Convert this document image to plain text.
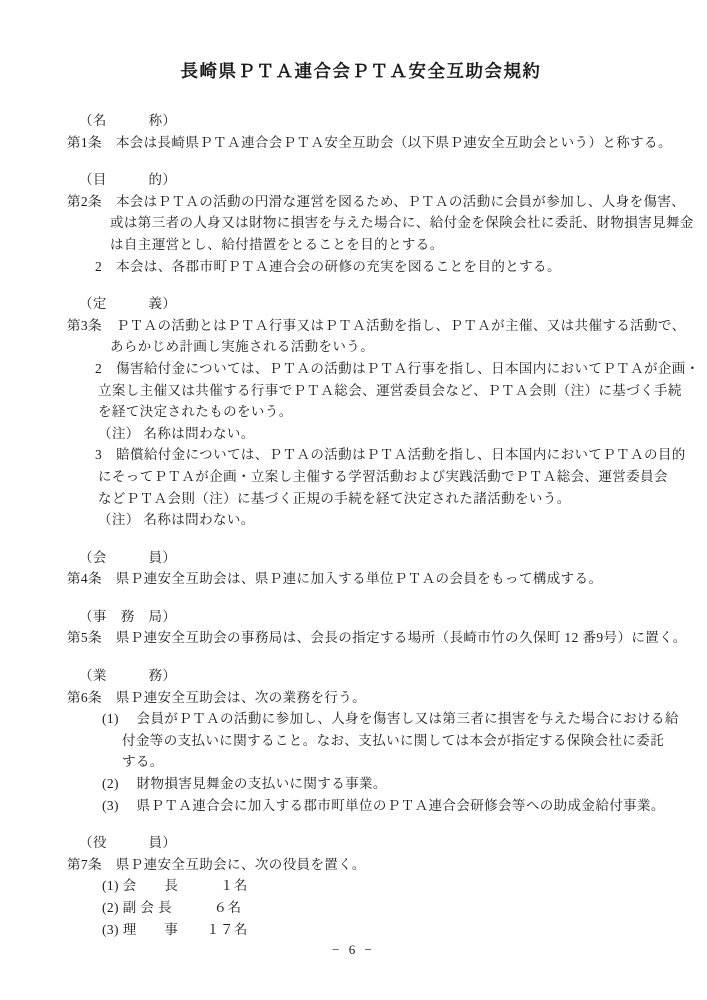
長崎県ＰＴＡ連合会ＰＴＡ安全互助会規約
（名　　　称）
第1条　本会は長崎県ＰＴＡ連合会ＰＴＡ安全互助会（以下県Ｐ連安全互助会という）と称する。
（目　　　的）
第2条　本会はＰＴＡの活動の円滑な運営を図るため、ＰＴＡの活動に会員が参加し、人身を傷害、
或は第三者の人身又は財物に損害を与えた場合に、給付金を保険会社に委託、財物損害見舞金
は自主運営とし、給付措置をとることを目的とする。
2　本会は、各郡市町ＰＴＡ連合会の研修の充実を図ることを目的とする。
（定　　　義）
第3条　ＰＴＡの活動とはＰＴＡ行事又はＰＴＡ活動を指し、ＰＴＡが主催、又は共催する活動で、
あらかじめ計画し実施される活動をいう。
2　傷害給付金については、ＰＴＡの活動はＰＴＡ行事を指し、日本国内においてＰＴＡが企画・
立案し主催又は共催する行事でＰＴＡ総会、運営委員会など、ＰＴＡ会則（注）に基づく手続
を経て決定されたものをいう。
（注） 名称は問わない。
3　賠償給付金については、ＰＴＡの活動はＰＴＡ活動を指し、日本国内においてＰＴＡの目的
にそってＰＴＡが企画・立案し主催する学習活動および実践活動でＰＴＡ総会、運営委員会
などＰＴＡ会則（注）に基づく正規の手続を経て決定された諸活動をいう。
（注） 名称は問わない。
（会　　　員）
第4条　県Ｐ連安全互助会は、県Ｐ連に加入する単位ＰＴＡの会員をもって構成する。
（事　務　局）
第5条　県Ｐ連安全互助会の事務局は、会長の指定する場所（長崎市竹の久保町 12 番9号）に置く。
（業　　　務）
第6条　県Ｐ連安全互助会は、次の業務を行う。
(1)　 会員がＰＴＡの活動に参加し、人身を傷害し又は第三者に損害を与えた場合における給
付金等の支払いに関すること。なお、支払いに関しては本会が指定する保険会社に委託
する。
(2)　 財物損害見舞金の支払いに関する事業。
(3)　 県ＰＴＡ連合会に加入する郡市町単位のＰＴＡ連合会研修会等への助成金給付事業。
（役　　　員）
第7条　県Ｐ連安全互助会に、次の役員を置く。
(1) 会　　長　　　１名
(2) 副 会 長　　　６名
(3) 理　　事　　１７名
− 6 −
